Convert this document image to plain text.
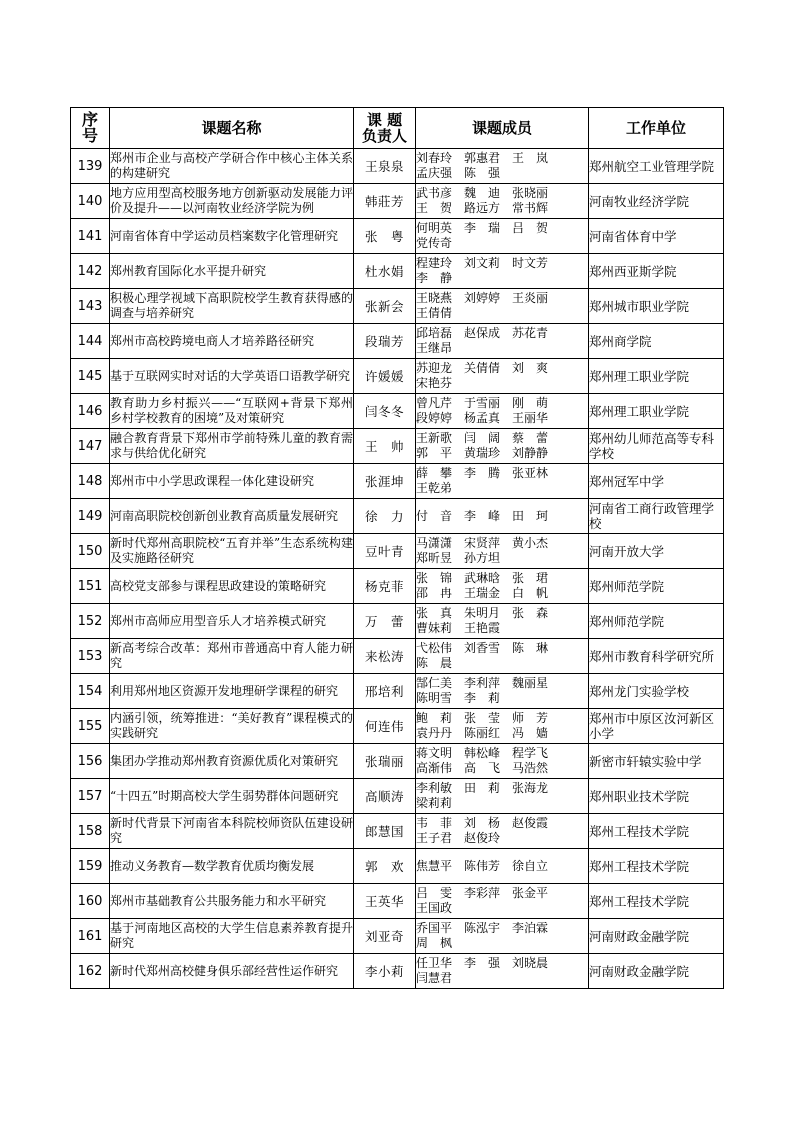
序号	课题名称	课 题 负责人	课题成员	工作单位
139	郑州市企业与高校产学研合作中核心主体关系的构建研究	王泉泉	刘春玲　郭惠君　王　岚
孟庆强　陈　强	郑州航空工业管理学院
140	地方应用型高校服务地方创新驱动发展能力评价及提升——以河南牧业经济学院为例	韩莊芳	武书彦　魏　迪　张晓丽
王　贺　路远方　常书辉	河南牧业经济学院
141	河南省体育中学运动员档案数字化管理研究	张　粤	何明英　李　瑞　吕　贺
党传奇	河南省体育中学
142	郑州教育国际化水平提升研究	杜水娟	程建玲　刘文莉　时文芳
李　静	郑州西亚斯学院
143	积极心理学视域下高职院校学生教育获得感的调查与培养研究	张新会	王晓燕　刘婷婷　王炎丽
王倩倩	郑州城市职业学院
144	郑州市高校跨境电商人才培养路径研究	段瑞芳	邱培磊　赵保成　苏花青
王继昂	郑州商学院
145	基于互联网实时对话的大学英语口语教学研究	许媛媛	苏迎龙　关倩倩　刘　爽
宋艳芬	郑州理工职业学院
146	教育助力乡村振兴——“互联网+背景下郑州乡村学校教育的困境”及对策研究	闫冬冬	曾凡芹　于雪丽　刚　萌
段婷婷　杨孟真　王丽华	郑州理工职业学院
147	融合教育背景下郑州市学前特殊儿童的教育需求与供给优化研究	王　帅	王新歌　闫　阔　蔡　蕾
郭　平　黄瑞珍　刘静静	郑州幼儿师范高等专科学校
148	郑州市中小学思政课程一体化建设研究	张涯坤	薛　攀　李　腾　张亚林
王乾弟	郑州冠军中学
149	河南高职院校创新创业教育高质量发展研究	徐　力	付　音　李　峰　田　珂	河南省工商行政管理学校
150	新时代郑州高职院校“五育并举”生态系统构建及实施路径研究	豆叶青	马潇潇　宋贤萍　黄小杰
郑昕昱　孙方坦	河南开放大学
151	高校党支部参与课程思政建设的策略研究	杨克菲	张　锦　武琳晗　张　珺
邵　冉　王瑞金　白　帆	郑州师范学院
152	郑州市高师应用型音乐人才培养模式研究	万　蕾	张　真　朱明月　张　森
曹妹莉　王艳霞	郑州师范学院
153	新高考综合改革：郑州市普通高中育人能力研究	来松涛	弋松伟　刘香雪　陈　琳
陈　晨	郑州市教育科学研究所
154	利用郑州地区资源开发地理研学课程的研究	邢培利	郜仁美　李利萍　魏丽星
陈明雪　李　莉	郑州龙门实验学校
155	内涵引领，统筹推进：“美好教育”课程模式的实践研究	何连伟	鲍　莉　张　莹　师　芳
袁丹丹　陈丽红　冯　嫱	郑州市中原区汝河新区小学
156	集团办学推动郑州教育资源优质化对策研究	张瑞丽	蒋文明　韩松峰　程学飞
高渐伟　高　飞　马浩然	新密市轩辕实验中学
157	“十四五”时期高校大学生弱势群体问题研究	高顺涛	李利敏　田　莉　张海龙
梁莉莉	郑州职业技术学院
158	新时代背景下河南省本科院校师资队伍建设研究	郎慧国	韦　菲　刘　杨　赵俊霞
王子君　赵俊玲	郑州工程技术学院
159	推动义务教育—数学教育优质均衡发展	郭　欢	焦慧平　陈伟芳　徐自立	郑州工程技术学院
160	郑州市基础教育公共服务能力和水平研究	王英华	吕　雯　李彩萍　张金平
王国政	郑州工程技术学院
161	基于河南地区高校的大学生信息素养教育提升研究	刘亚奇	乔国平　陈泓宇　李泊霖
周　枫	河南财政金融学院
162	新时代郑州高校健身俱乐部经营性运作研究	李小莉	任卫华　李　强　刘晓晨
闫慧君	河南财政金融学院
